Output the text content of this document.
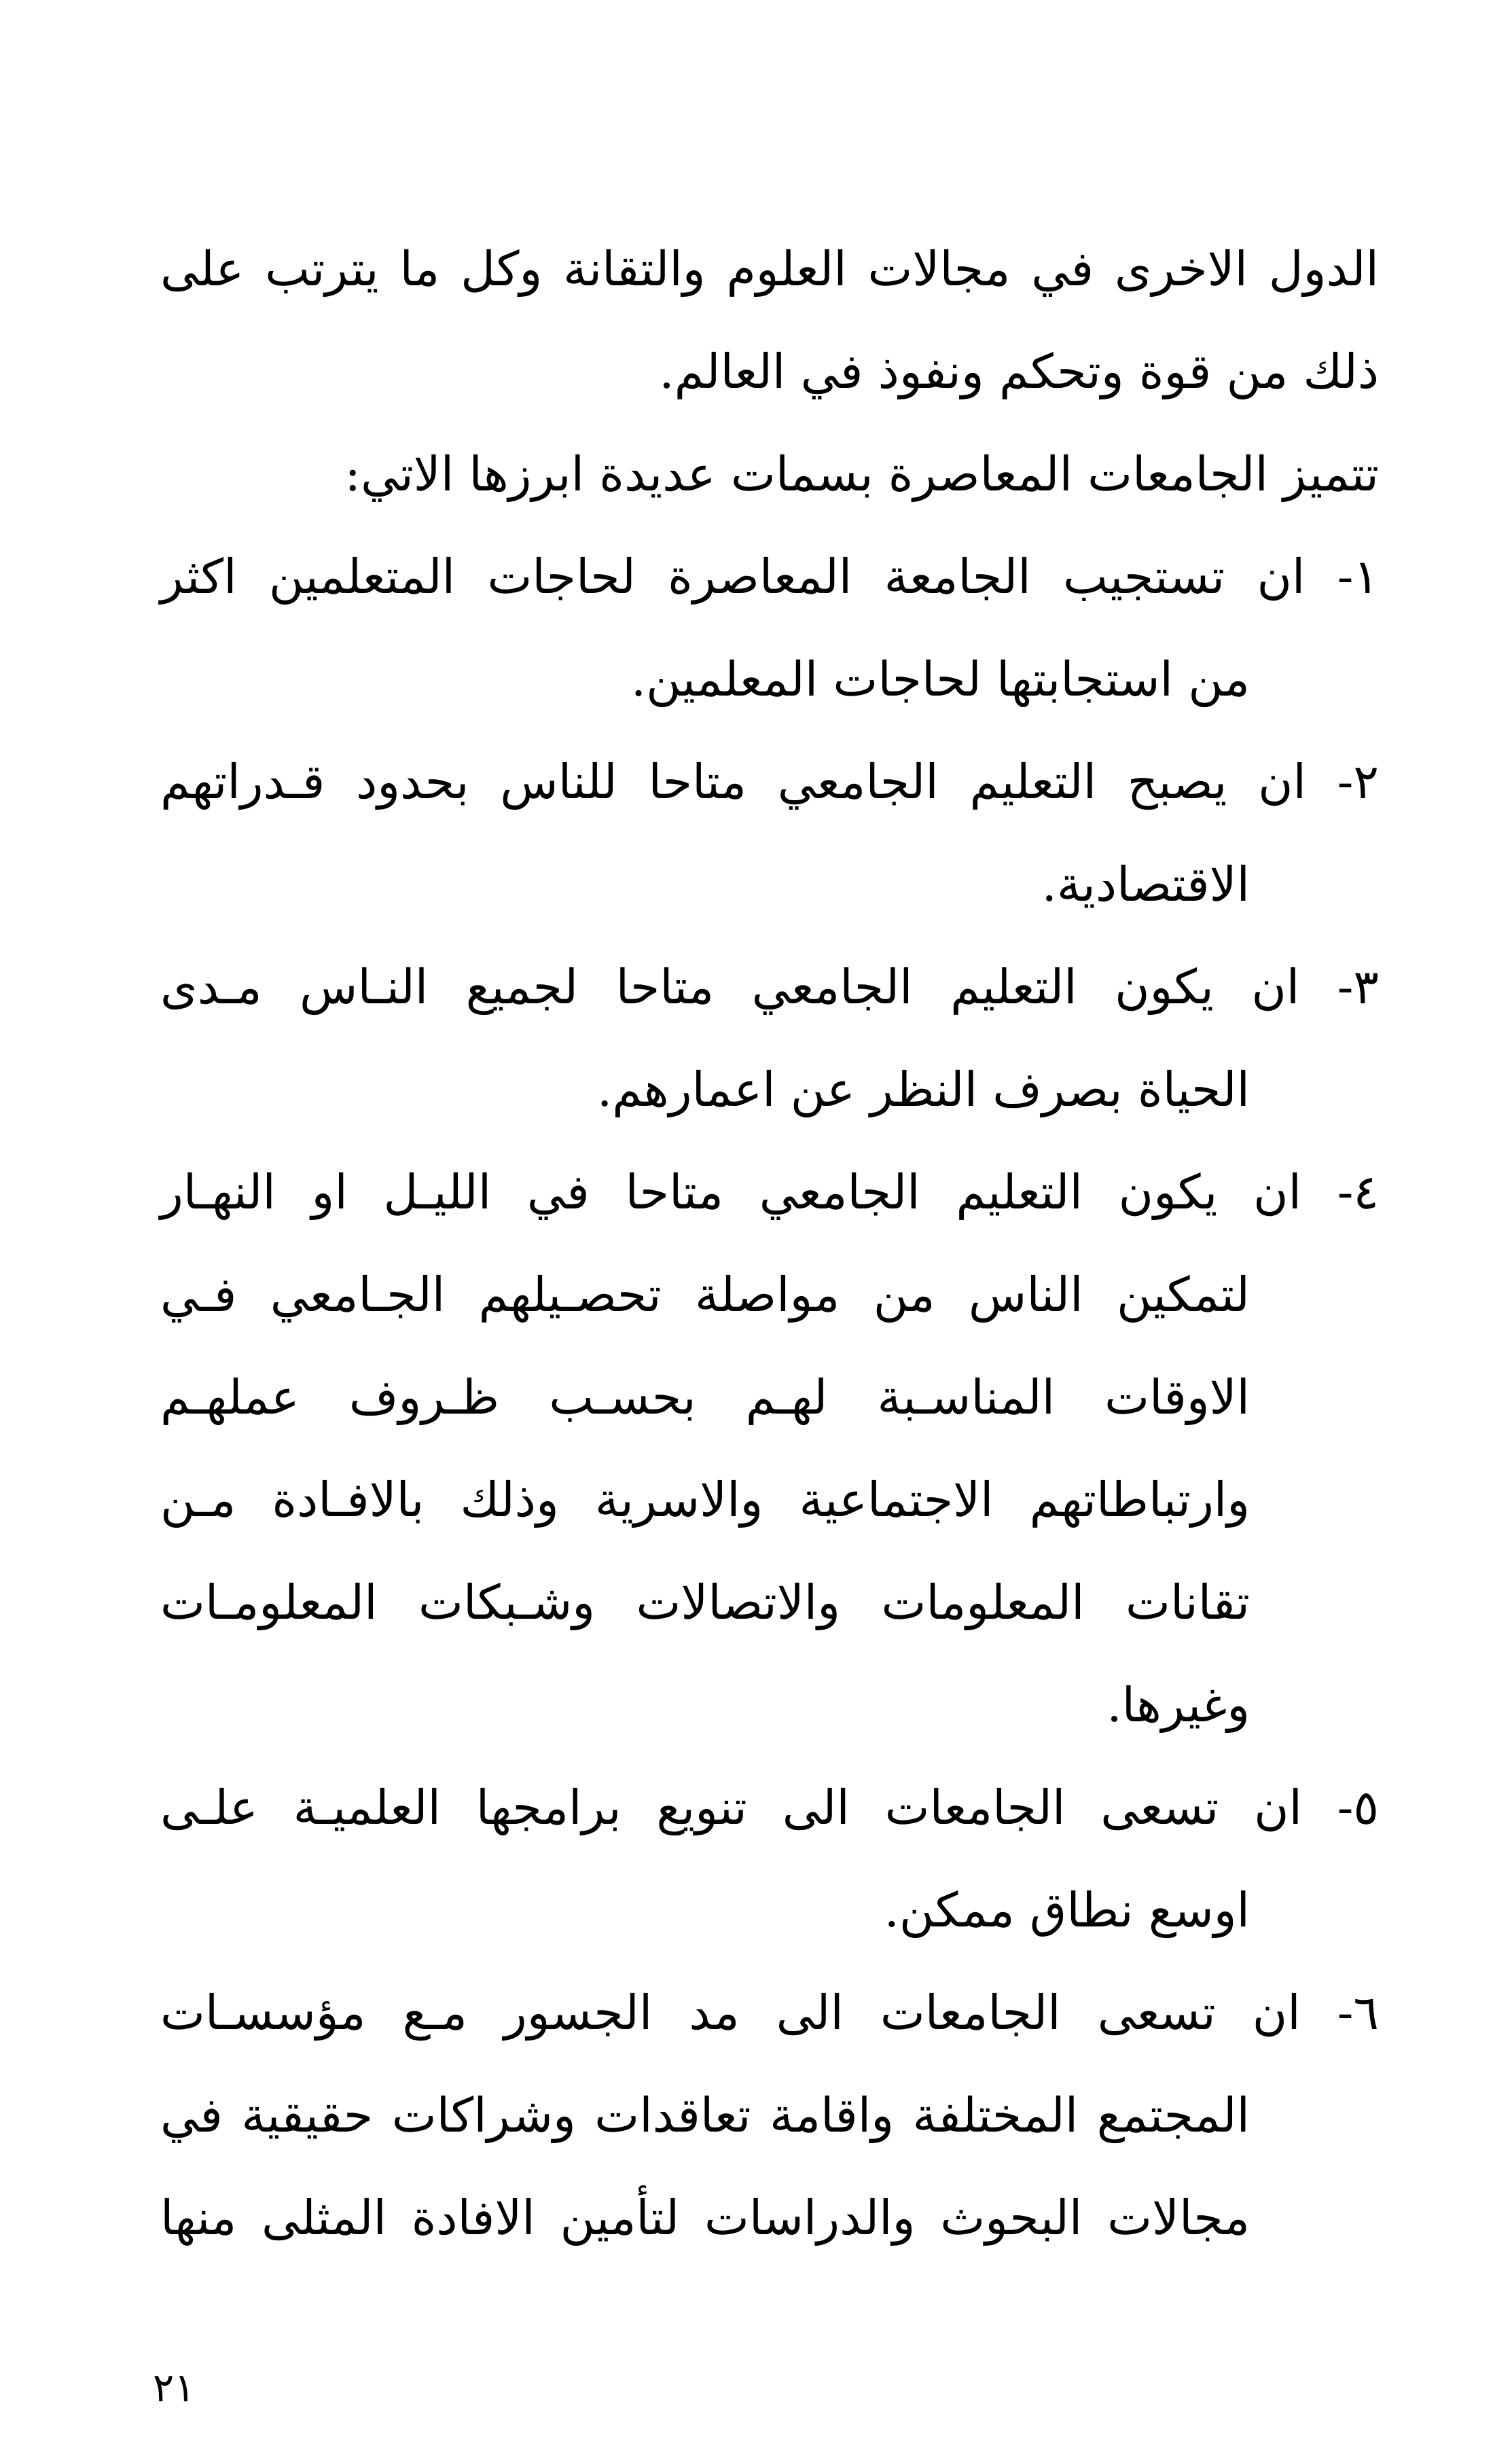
الدول الاخرى في مجالات العلوم والتقانة وكل ما يترتب على
ذلك من قوة وتحكم ونفوذ في العالم.
تتميز الجامعات المعاصرة بسمات عديدة ابرزها الاتي:
١- ان تستجيب الجامعة المعاصرة لحاجات المتعلمين اكثر
من استجابتها لحاجات المعلمين.
٢- ان يصبح التعليم الجامعي متاحا للناس بحدود قـدراتهم
الاقتصادية.
٣- ان يكون التعليم الجامعي متاحا لجميع النـاس مـدى
الحياة بصرف النظر عن اعمارهم.
٤- ان يكون التعليم الجامعي متاحا في الليـل او النهـار
لتمكين الناس من مواصلة تحصـيلهم الجـامعي فـي
الاوقات المناسـبة لهـم بحسـب ظـروف عملهـم
وارتباطاتهم الاجتماعية والاسرية وذلك بالافـادة مـن
تقانات المعلومات والاتصالات وشـبكات المعلومـات
وغيرها.
٥- ان تسعى الجامعات الى تنويع برامجها العلميـة علـى
اوسع نطاق ممكن.
٦- ان تسعى الجامعات الى مد الجسور مـع مؤسسـات
المجتمع المختلفة واقامة تعاقدات وشراكات حقيقية في
مجالات البحوث والدراسات لتأمين الافادة المثلى منها
٢١
